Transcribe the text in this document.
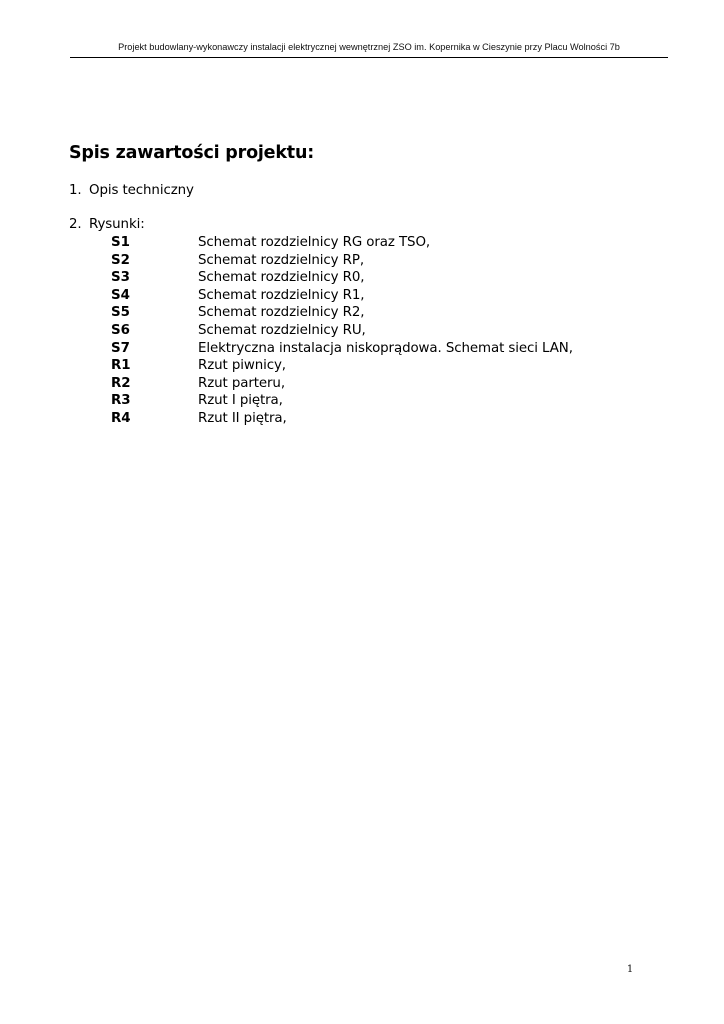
Projekt budowlany-wykonawczy instalacji elektrycznej wewnętrznej ZSO im. Kopernika w Cieszynie przy Placu Wolności 7b
Spis zawartości projektu:
1. Opis techniczny
2. Rysunki:
S1	Schemat rozdzielnicy RG oraz TSO,
S2	Schemat rozdzielnicy RP,
S3	Schemat rozdzielnicy R0,
S4	Schemat rozdzielnicy R1,
S5	Schemat rozdzielnicy R2,
S6	Schemat rozdzielnicy RU,
S7	Elektryczna instalacja niskoprądowa. Schemat sieci LAN,
R1	Rzut piwnicy,
R2	Rzut parteru,
R3	Rzut I piętra,
R4	Rzut II piętra,
1
